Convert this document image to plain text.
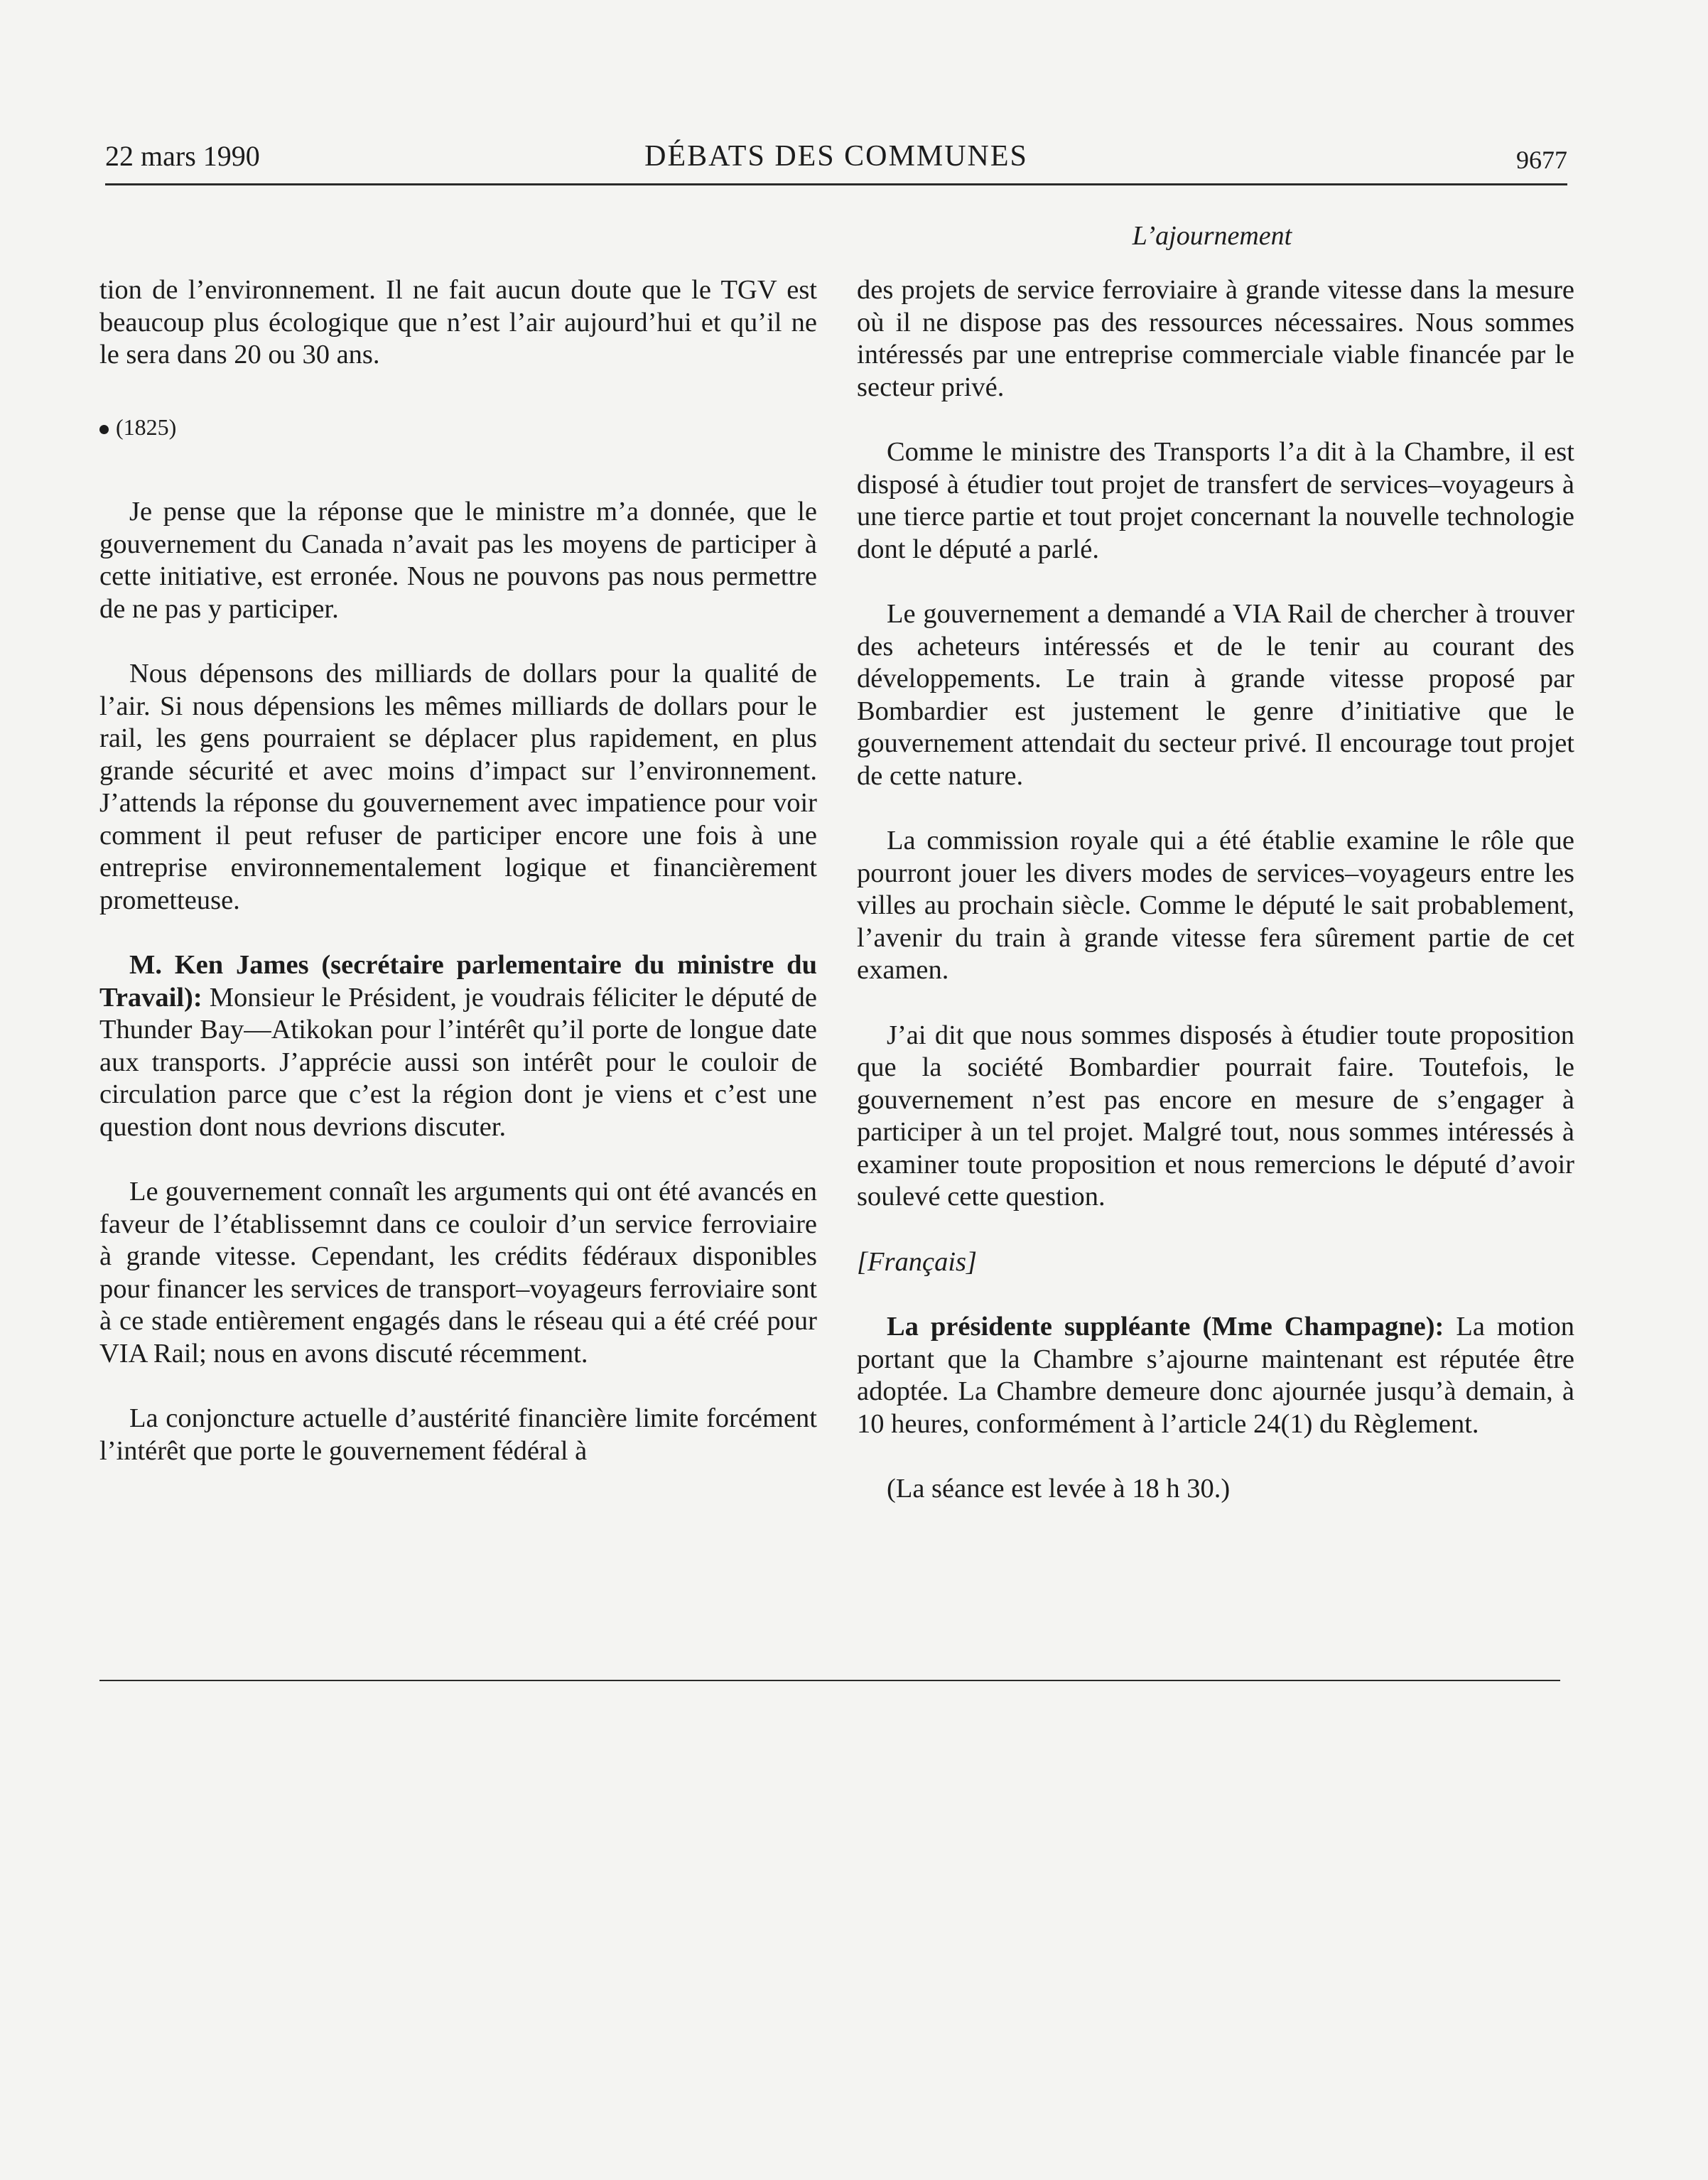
22 mars 1990	DÉBATS DES COMMUNES	9677
L’ajournement

tion de l’environnement. Il ne fait aucun doute que le TGV est beaucoup plus écologique que n’est l’air aujourd’hui et qu’il ne le sera dans 20 ou 30 ans.

(1825)

Je pense que la réponse que le ministre m’a donnée, que le gouvernement du Canada n’avait pas les moyens de participer à cette initiative, est erronée. Nous ne pouvons pas nous permettre de ne pas y participer.

Nous dépensons des milliards de dollars pour la qualité de l’air. Si nous dépensions les mêmes milliards de dollars pour le rail, les gens pourraient se déplacer plus rapidement, en plus grande sécurité et avec moins d’impact sur l’environnement. J’attends la réponse du gouvernement avec impatience pour voir comment il peut refuser de participer encore une fois à une entreprise environnementalement logique et financièrement prometteuse.

M. Ken James (secrétaire parlementaire du ministre du Travail): Monsieur le Président, je voudrais féliciter le député de Thunder Bay—Atikokan pour l’intérêt qu’il porte de longue date aux transports. J’apprécie aussi son intérêt pour le couloir de circulation parce que c’est la région dont je viens et c’est une question dont nous devrions discuter.

Le gouvernement connaît les arguments qui ont été avancés en faveur de l’établissemnt dans ce couloir d’un service ferroviaire à grande vitesse. Cependant, les crédits fédéraux disponibles pour financer les services de transport–voyageurs ferroviaire sont à ce stade entièrement engagés dans le réseau qui a été créé pour VIA Rail; nous en avons discuté récemment.

La conjoncture actuelle d’austérité financière limite forcément l’intérêt que porte le gouvernement fédéral à

des projets de service ferroviaire à grande vitesse dans la mesure où il ne dispose pas des ressources nécessaires. Nous sommes intéressés par une entreprise commerciale viable financée par le secteur privé.

Comme le ministre des Transports l’a dit à la Chambre, il est disposé à étudier tout projet de transfert de services–voyageurs à une tierce partie et tout projet concernant la nouvelle technologie dont le député a parlé.

Le gouvernement a demandé a VIA Rail de chercher à trouver des acheteurs intéressés et de le tenir au courant des développements. Le train à grande vitesse proposé par Bombardier est justement le genre d’initiative que le gouvernement attendait du secteur privé. Il encourage tout projet de cette nature.

La commission royale qui a été établie examine le rôle que pourront jouer les divers modes de services–voyageurs entre les villes au prochain siècle. Comme le député le sait probablement, l’avenir du train à grande vitesse fera sûrement partie de cet examen.

J’ai dit que nous sommes disposés à étudier toute proposition que la société Bombardier pourrait faire. Toutefois, le gouvernement n’est pas encore en mesure de s’engager à participer à un tel projet. Malgré tout, nous sommes intéressés à examiner toute proposition et nous remercions le député d’avoir soulevé cette question.

[Français]

La présidente suppléante (Mme Champagne): La motion portant que la Chambre s’ajourne maintenant est réputée être adoptée. La Chambre demeure donc ajournée jusqu’à demain, à 10 heures, conformément à l’article 24(1) du Règlement.

(La séance est levée à 18 h 30.)
